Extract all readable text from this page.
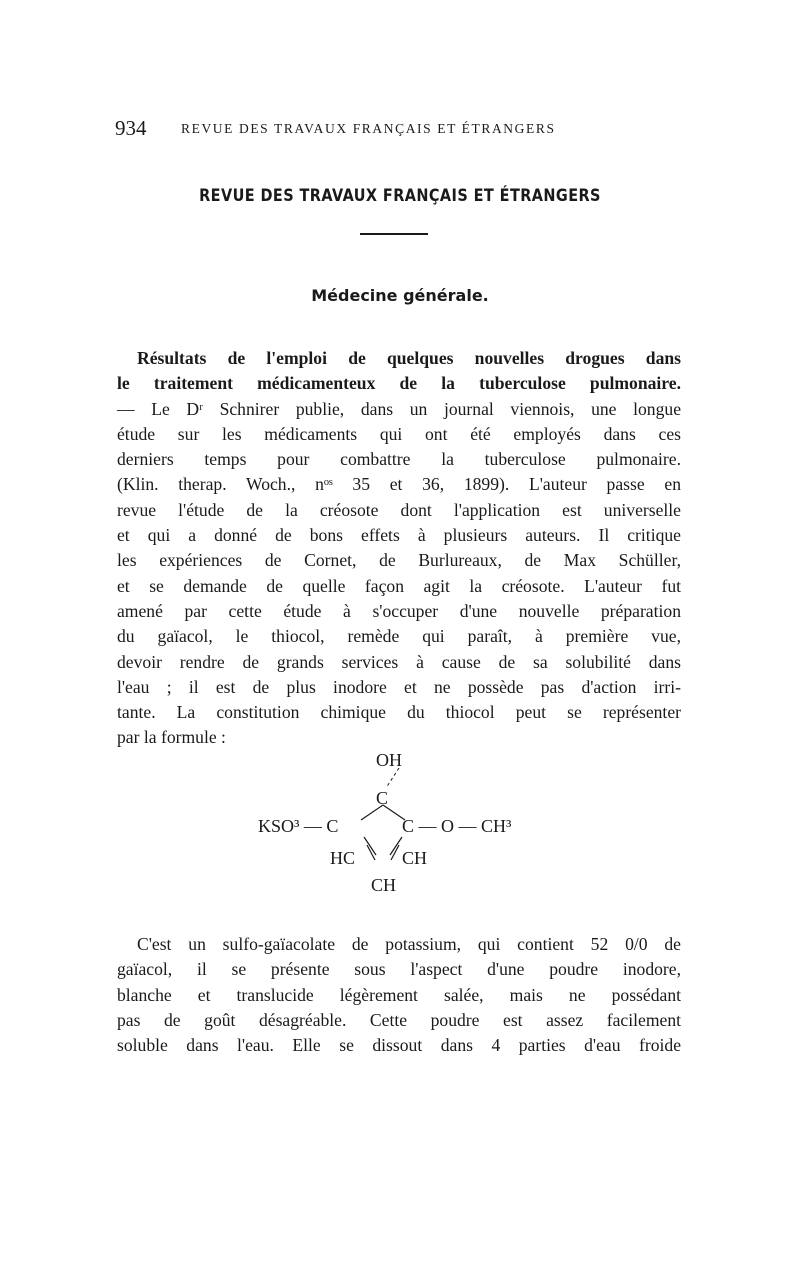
934	REVUE DES TRAVAUX FRANÇAIS ET ÉTRANGERS
REVUE DES TRAVAUX FRANÇAIS ET ÉTRANGERS
Médecine générale.
Résultats de l'emploi de quelques nouvelles drogues dans
le traitement médicamenteux de la tuberculose pulmonaire.
— Le Dʳ Schnirer publie, dans un journal viennois, une longue
étude sur les médicaments qui ont été employés dans ces
derniers temps pour combattre la tuberculose pulmonaire.
(Klin. therap. Woch., nᵒˢ 35 et 36, 1899). L'auteur passe en
revue l'étude de la créosote dont l'application est universelle
et qui a donné de bons effets à plusieurs auteurs. Il critique
les expériences de Cornet, de Burlureaux, de Max Schüller,
et se demande de quelle façon agit la créosote. L'auteur fut
amené par cette étude à s'occuper d'une nouvelle préparation
du gaïacol, le thiocol, remède qui paraît, à première vue,
devoir rendre de grands services à cause de sa solubilité dans
l'eau ; il est de plus inodore et ne possède pas d'action irri-
tante. La constitution chimique du thiocol peut se représenter
par la formule :
OH
C
KSO³ — C	C — O — CH³
HC	CH
CH
C'est un sulfo-gaïacolate de potassium, qui contient 52 0/0 de
gaïacol, il se présente sous l'aspect d'une poudre inodore,
blanche et translucide légèrement salée, mais ne possédant
pas de goût désagréable. Cette poudre est assez facilement
soluble dans l'eau. Elle se dissout dans 4 parties d'eau froide
